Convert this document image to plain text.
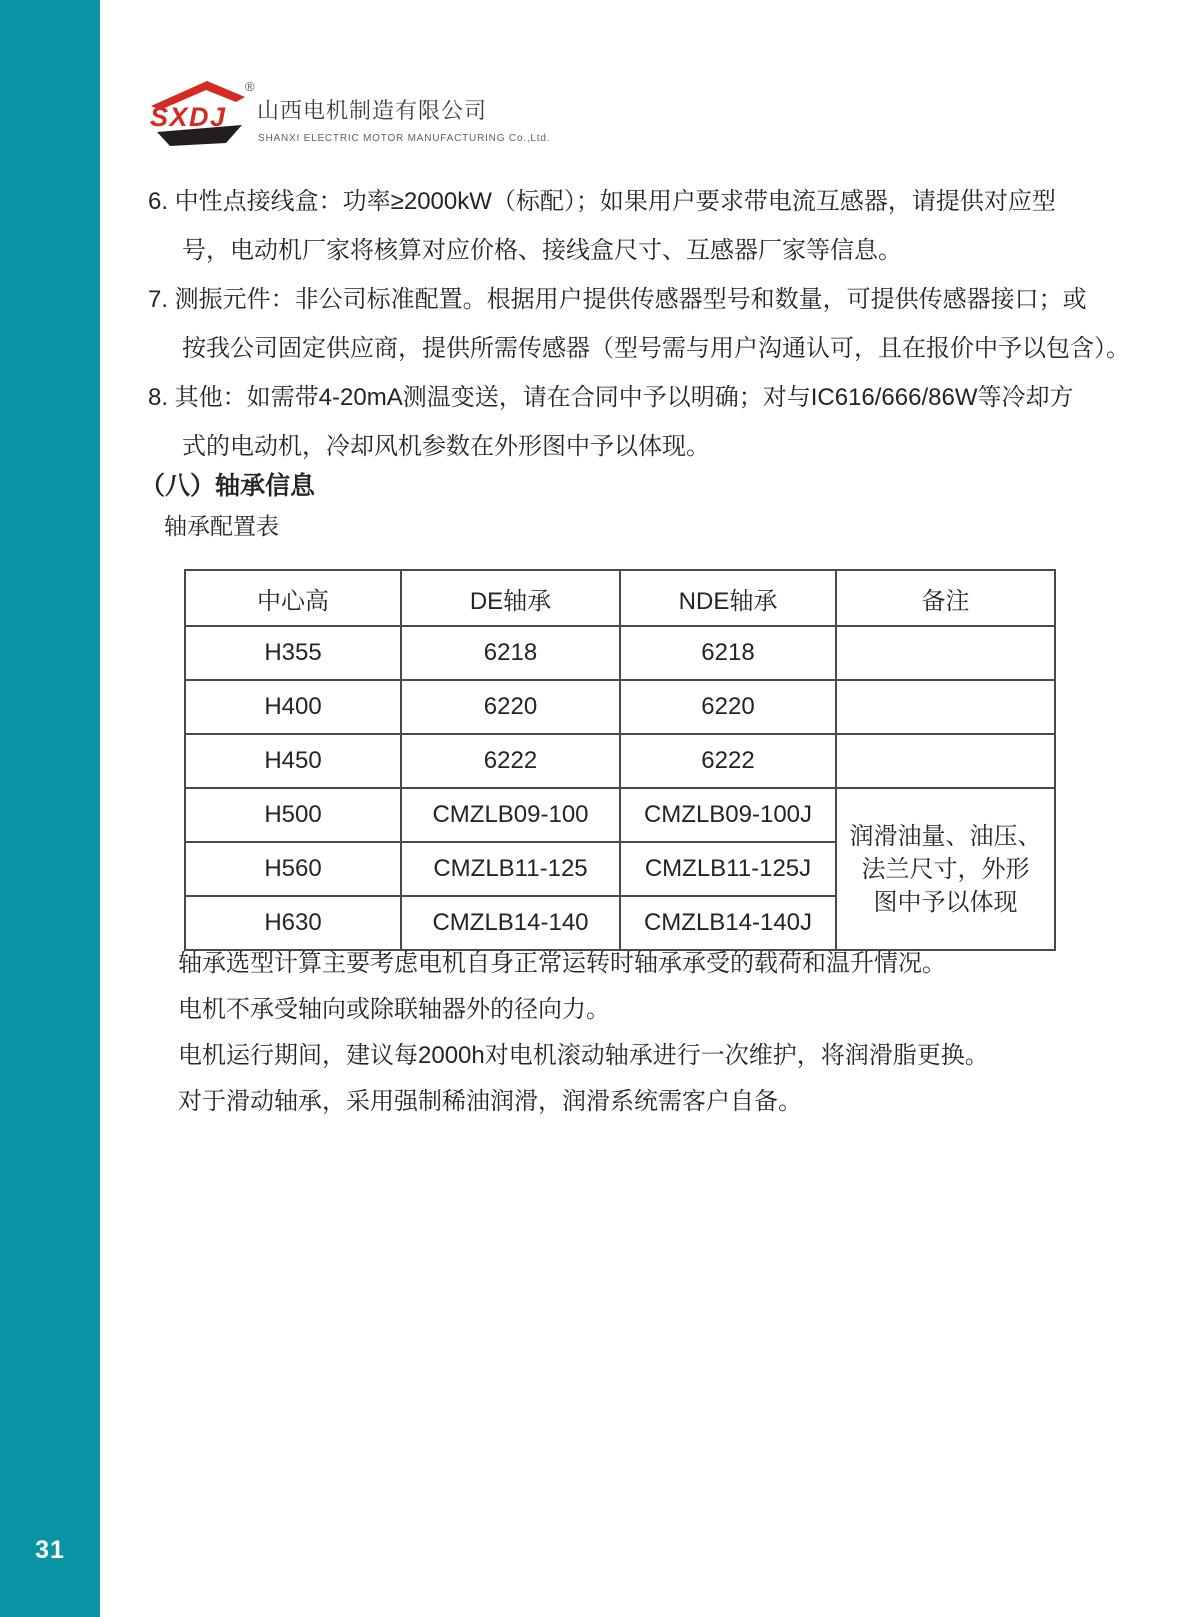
31
SXDJ
®
山西电机制造有限公司
SHANXI ELECTRIC MOTOR MANUFACTURING Co.,Ltd.
6. 中性点接线盒：功率≥2000kW（标配）；如果用户要求带电流互感器，请提供对应型
号，电动机厂家将核算对应价格、接线盒尺寸、互感器厂家等信息。
7. 测振元件：非公司标准配置。根据用户提供传感器型号和数量，可提供传感器接口；或
按我公司固定供应商，提供所需传感器（型号需与用户沟通认可，且在报价中予以包含）。
8. 其他：如需带4-20mA测温变送，请在合同中予以明确；对与IC616/666/86W等冷却方
式的电动机，冷却风机参数在外形图中予以体现。
（八）轴承信息
轴承配置表
中心高	DE轴承	NDE轴承	备注
H355	6218	6218	
H400	6220	6220	
H450	6222	6222	
H500	CMZLB09-100	CMZLB09-100J	润滑油量、油压、
法兰尺寸，外形
图中予以体现

H560	CMZLB11-125	CMZLB11-125J	
H630	CMZLB14-140	CMZLB14-140J	
轴承选型计算主要考虑电机自身正常运转时轴承承受的载荷和温升情况。
电机不承受轴向或除联轴器外的径向力。
电机运行期间，建议每2000h对电机滚动轴承进行一次维护，将润滑脂更换。
对于滑动轴承，采用强制稀油润滑，润滑系统需客户自备。
